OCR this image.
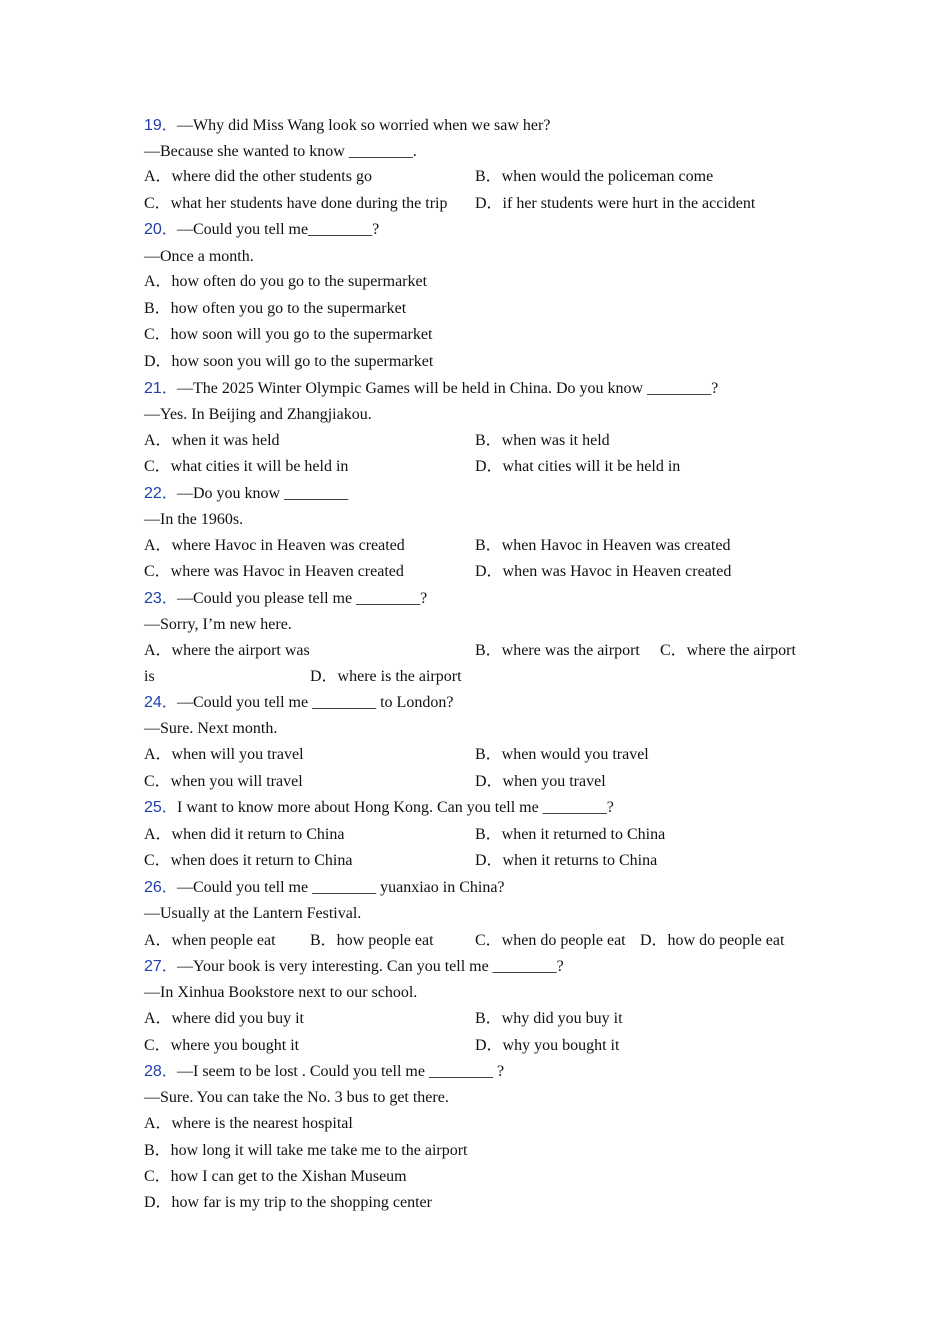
19． —Why did Miss Wang look so worried when we saw her?
—Because she wanted to know ________.
A．where did the other students go	B．when would the policeman come
C．what her students have done during the trip D．if her students were hurt in the accident
20． —Could you tell me________?
—Once a month.
A．how often do you go to the supermarket
B．how often you go to the supermarket
C．how soon will you go to the supermarket
D．how soon you will go to the supermarket
21． —The 2025 Winter Olympic Games will be held in China. Do you know ________?
—Yes. In Beijing and Zhangjiakou.
A．when it was held	B．when was it held
C．what cities it will be held in	D．what cities will it be held in
22． —Do you know ________
—In the 1960s.
A．where Havoc in Heaven was created	B．when Havoc in Heaven was created
C．where was Havoc in Heaven created	D．when was Havoc in Heaven created
23． —Could you please tell me ________?
—Sorry, I’m new here.
A．where the airport was	B．where was the airport C．where the airport
is	D．where is the airport
24． —Could you tell me ________ to London?
—Sure. Next month.
A．when will you travel	B．when would you travel
C．when you will travel	D．when you travel
25． I want to know more about Hong Kong. Can you tell me ________?
A．when did it return to China	B．when it returned to China
C．when does it return to China	D．when it returns to China
26． —Could you tell me ________ yuanxiao in China?
—Usually at the Lantern Festival.
A．when people eat B．how people eat	C．when do people eat D．how do people eat
27． —Your book is very interesting. Can you tell me ________?
—In Xinhua Bookstore next to our school.
A．where did you buy it	B．why did you buy it
C．where you bought it	D．why you bought it
28． —I seem to be lost . Could you tell me ________ ?
—Sure. You can take the No. 3 bus to get there.
A．where is the nearest hospital
B．how long it will take me take me to the airport
C．how I can get to the Xishan Museum
D．how far is my trip to the shopping center
